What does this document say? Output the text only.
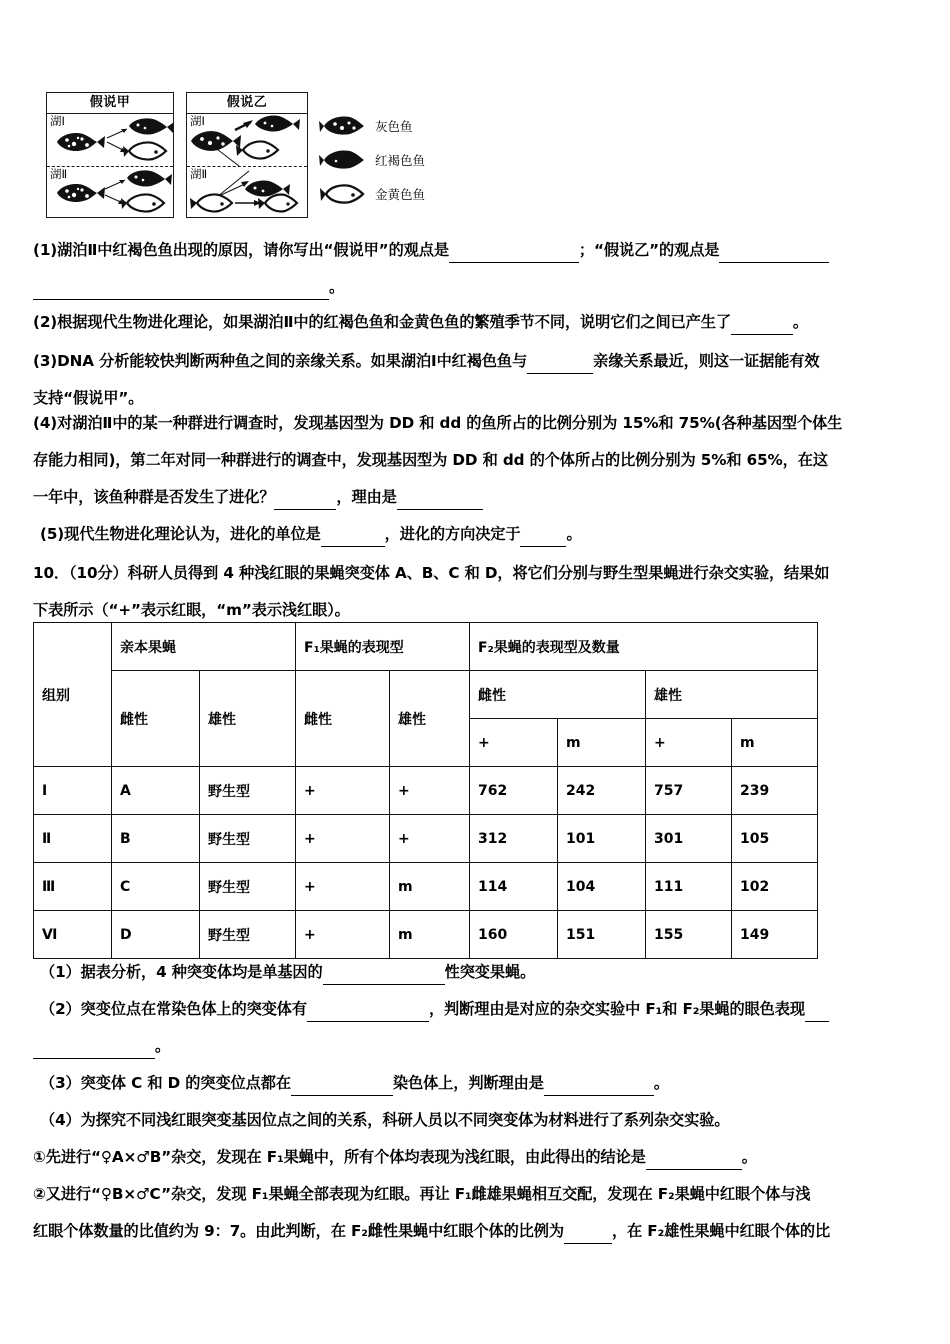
假说甲
湖Ⅰ
湖Ⅱ
假说乙
湖Ⅰ
湖Ⅱ
灰色鱼
红褐色鱼
金黄色鱼
(1)湖泊Ⅱ中红褐色鱼出现的原因，请你写出“假说甲”的观点是	；“假说乙”的观点是
。
(2)根据现代生物进化理论，如果湖泊Ⅱ中的红褐色鱼和金黄色鱼的繁殖季节不同，说明它们之间已产生了	。
(3)DNA 分析能较快判断两种鱼之间的亲缘关系。如果湖泊Ⅰ中红褐色鱼与	亲缘关系最近，则这一证据能有效
支持“假说甲”。
(4)对湖泊Ⅱ中的某一种群进行调查时，发现基因型为 DD 和 dd 的鱼所占的比例分别为 15%和 75%(各种基因型个体生
存能力相同)，第二年对同一种群进行的调查中，发现基因型为 DD 和 dd 的个体所占的比例分别为 5%和 65%，在这
一年中，该鱼种群是否发生了进化？	，理由是
(5)现代生物进化理论认为，进化的单位是	，进化的方向决定于	。
10．（10分）科研人员得到 4 种浅红眼的果蝇突变体 A、B、C 和 D，将它们分别与野生型果蝇进行杂交实验，结果如
下表所示（“+”表示红眼，“m”表示浅红眼）。
组别	亲本果蝇		F₁果蝇的表现型		F₂果蝇的表现型及数量			
	雌性	雄性	雌性	雄性	雌性		雄性	
					+	m	+	m
Ⅰ	A	野生型	+	+	762	242	757	239
Ⅱ	B	野生型	+	+	312	101	301	105
Ⅲ	C	野生型	+	m	114	104	111	102
Ⅵ	D	野生型	+	m	160	151	155	149
（1）据表分析，4 种突变体均是单基因的	性突变果蝇。
（2）突变位点在常染色体上的突变体有	，判断理由是对应的杂交实验中 F₁和 F₂果蝇的眼色表现
。
（3）突变体 C 和 D 的突变位点都在	染色体上，判断理由是	。
（4）为探究不同浅红眼突变基因位点之间的关系，科研人员以不同突变体为材料进行了系列杂交实验。
①先进行“♀A×♂B”杂交，发现在 F₁果蝇中，所有个体均表现为浅红眼，由此得出的结论是	。
②又进行“♀B×♂C”杂交，发现 F₁果蝇全部表现为红眼。再让 F₁雌雄果蝇相互交配，发现在 F₂果蝇中红眼个体与浅
红眼个体数量的比值约为 9：7。由此判断，在 F₂雌性果蝇中红眼个体的比例为	，在 F₂雄性果蝇中红眼个体的比
